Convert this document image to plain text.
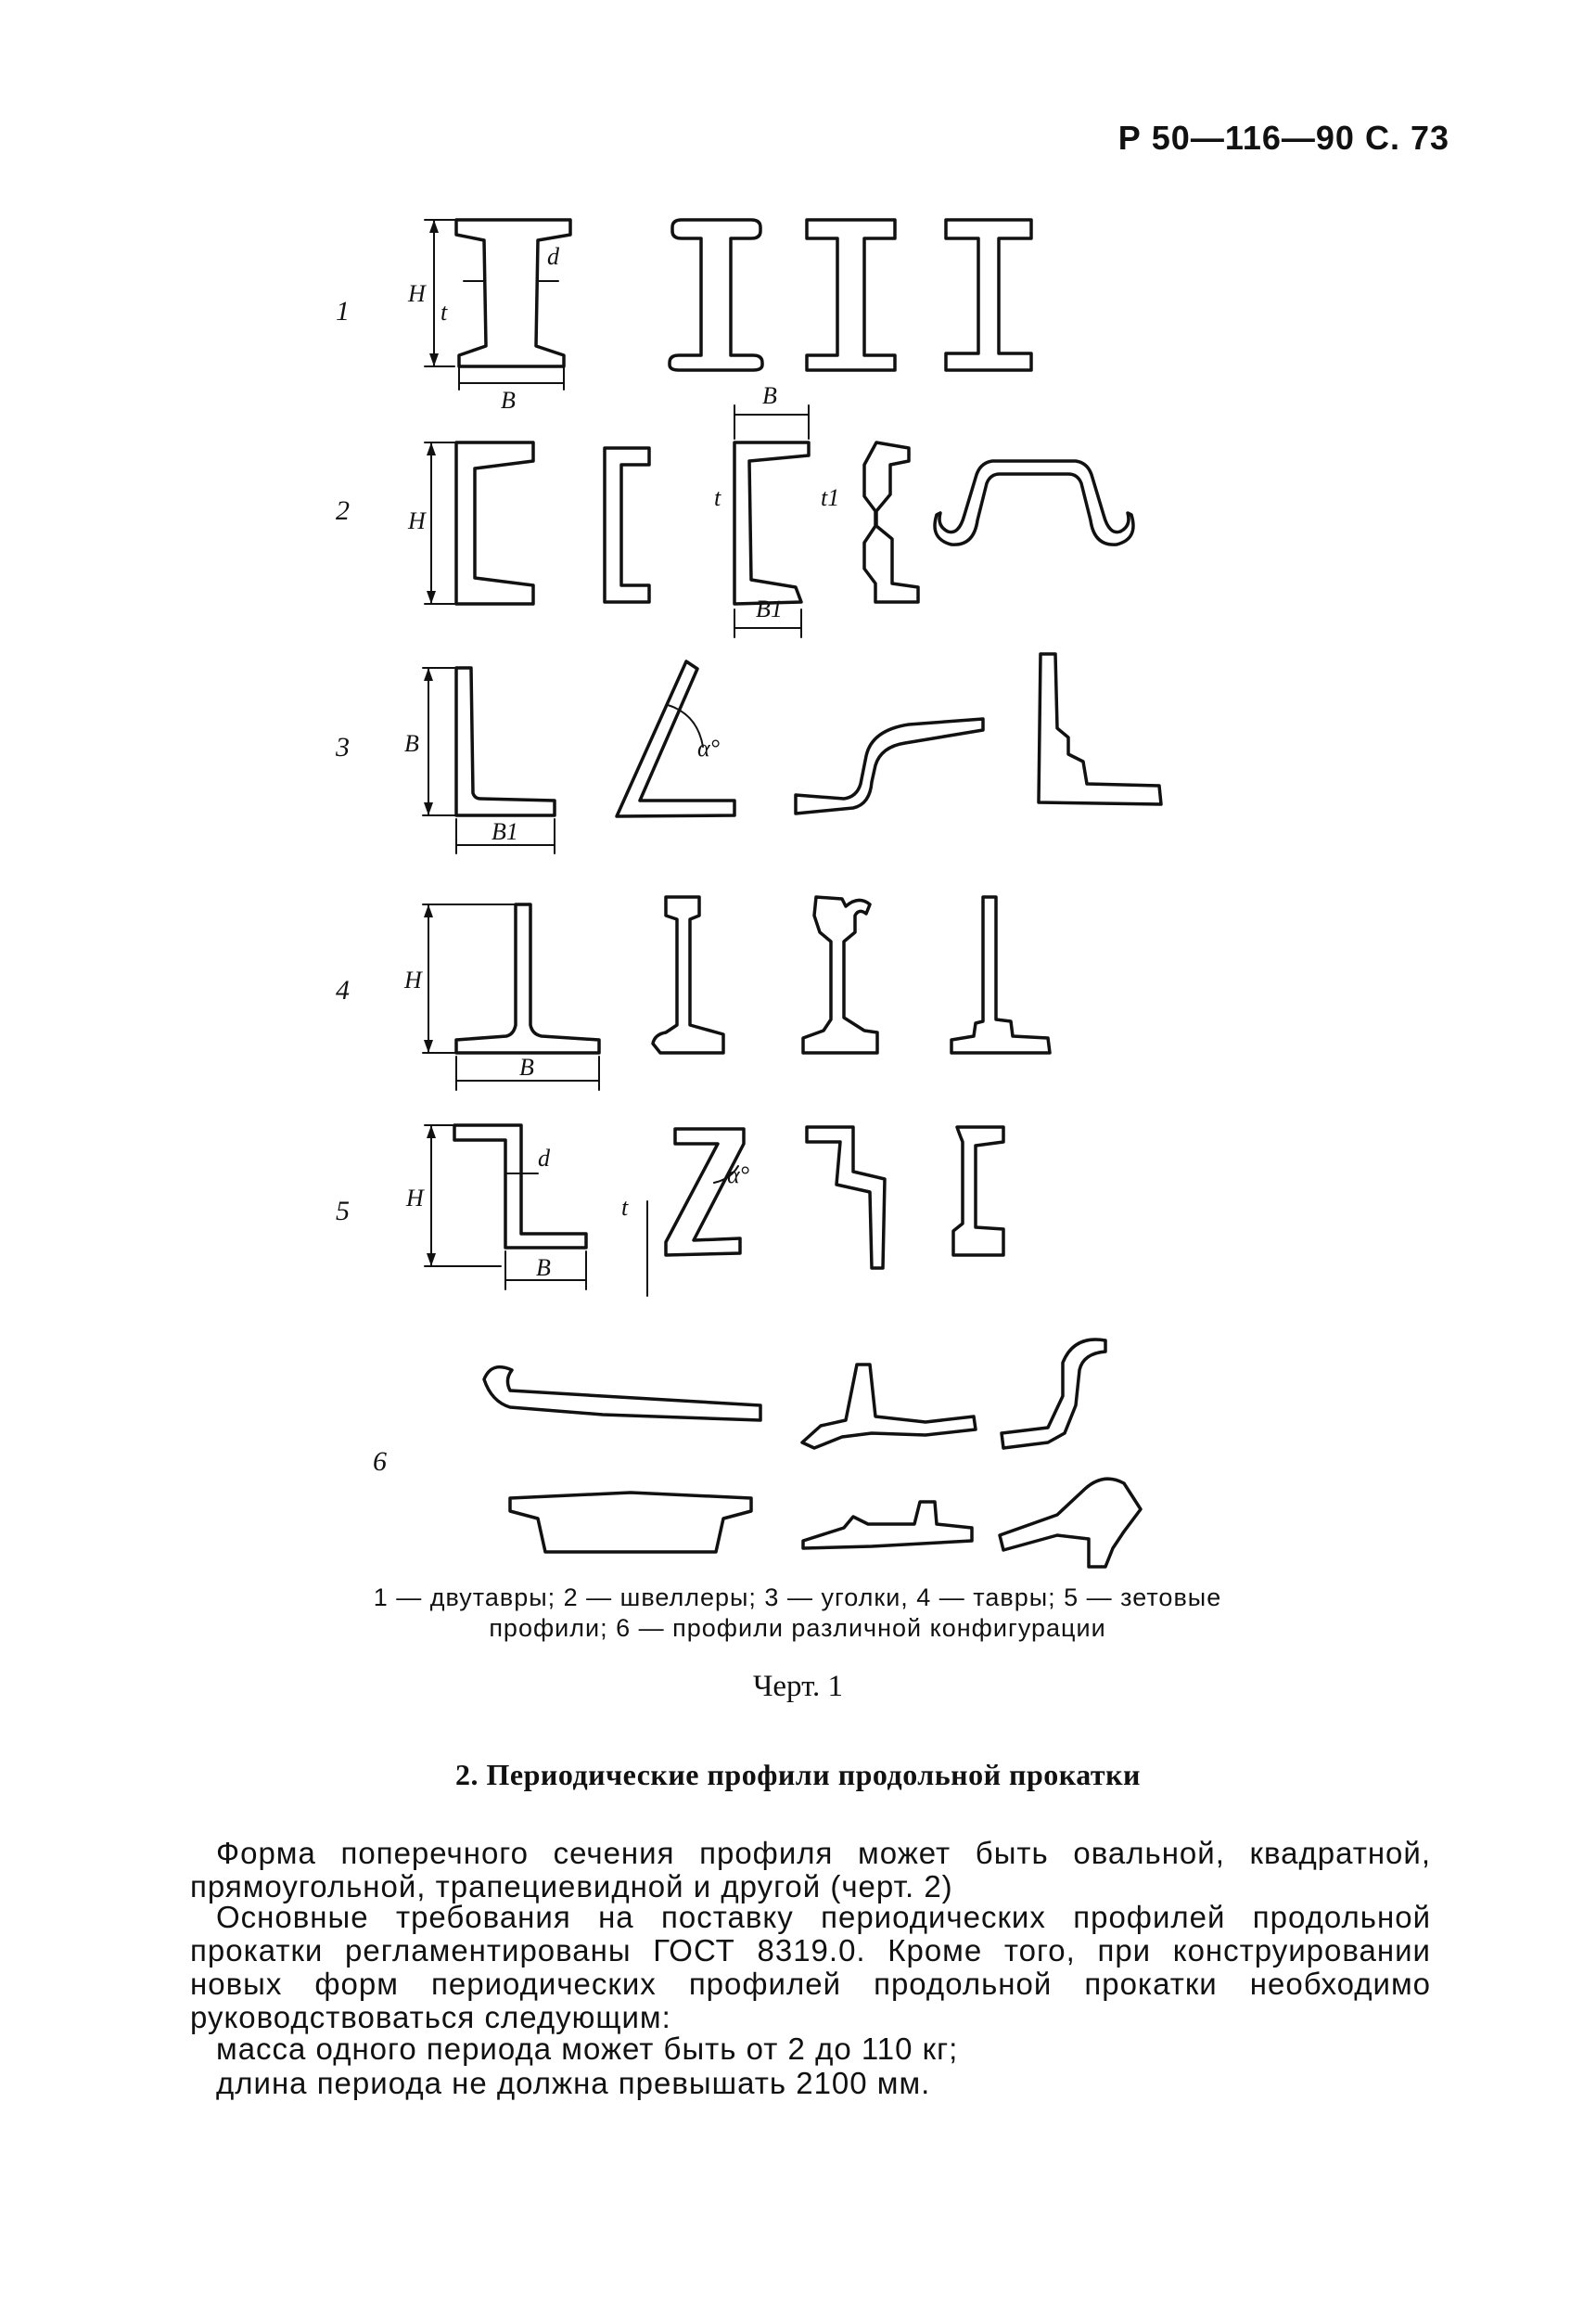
Р 50—116—90 С. 73
1
H
B
d
t
2 H
B
B1
t	t1
3 B
B1
α°
4 H
B
5 H
d
B
t
α°
6
1 — двутавры; 2 — швеллеры; 3 — уголки, 4 — тавры; 5 — зетовые
профили; 6 — профили различной конфигурации
Черт. 1
2. Периодические профили продольной прокатки
Форма поперечного сечения профиля может быть овальной, квадратной, прямоугольной, трапециевидной и другой (черт. 2)
Основные требования на поставку периодических профилей продольной прокатки регламентированы ГОСТ 8319.0. Кроме того, при конструировании новых форм периодических профилей продольной прокатки необходимо руководствоваться следующим:
масса одного периода может быть от 2 до 110 кг;
длина периода не должна превышать 2100 мм.
